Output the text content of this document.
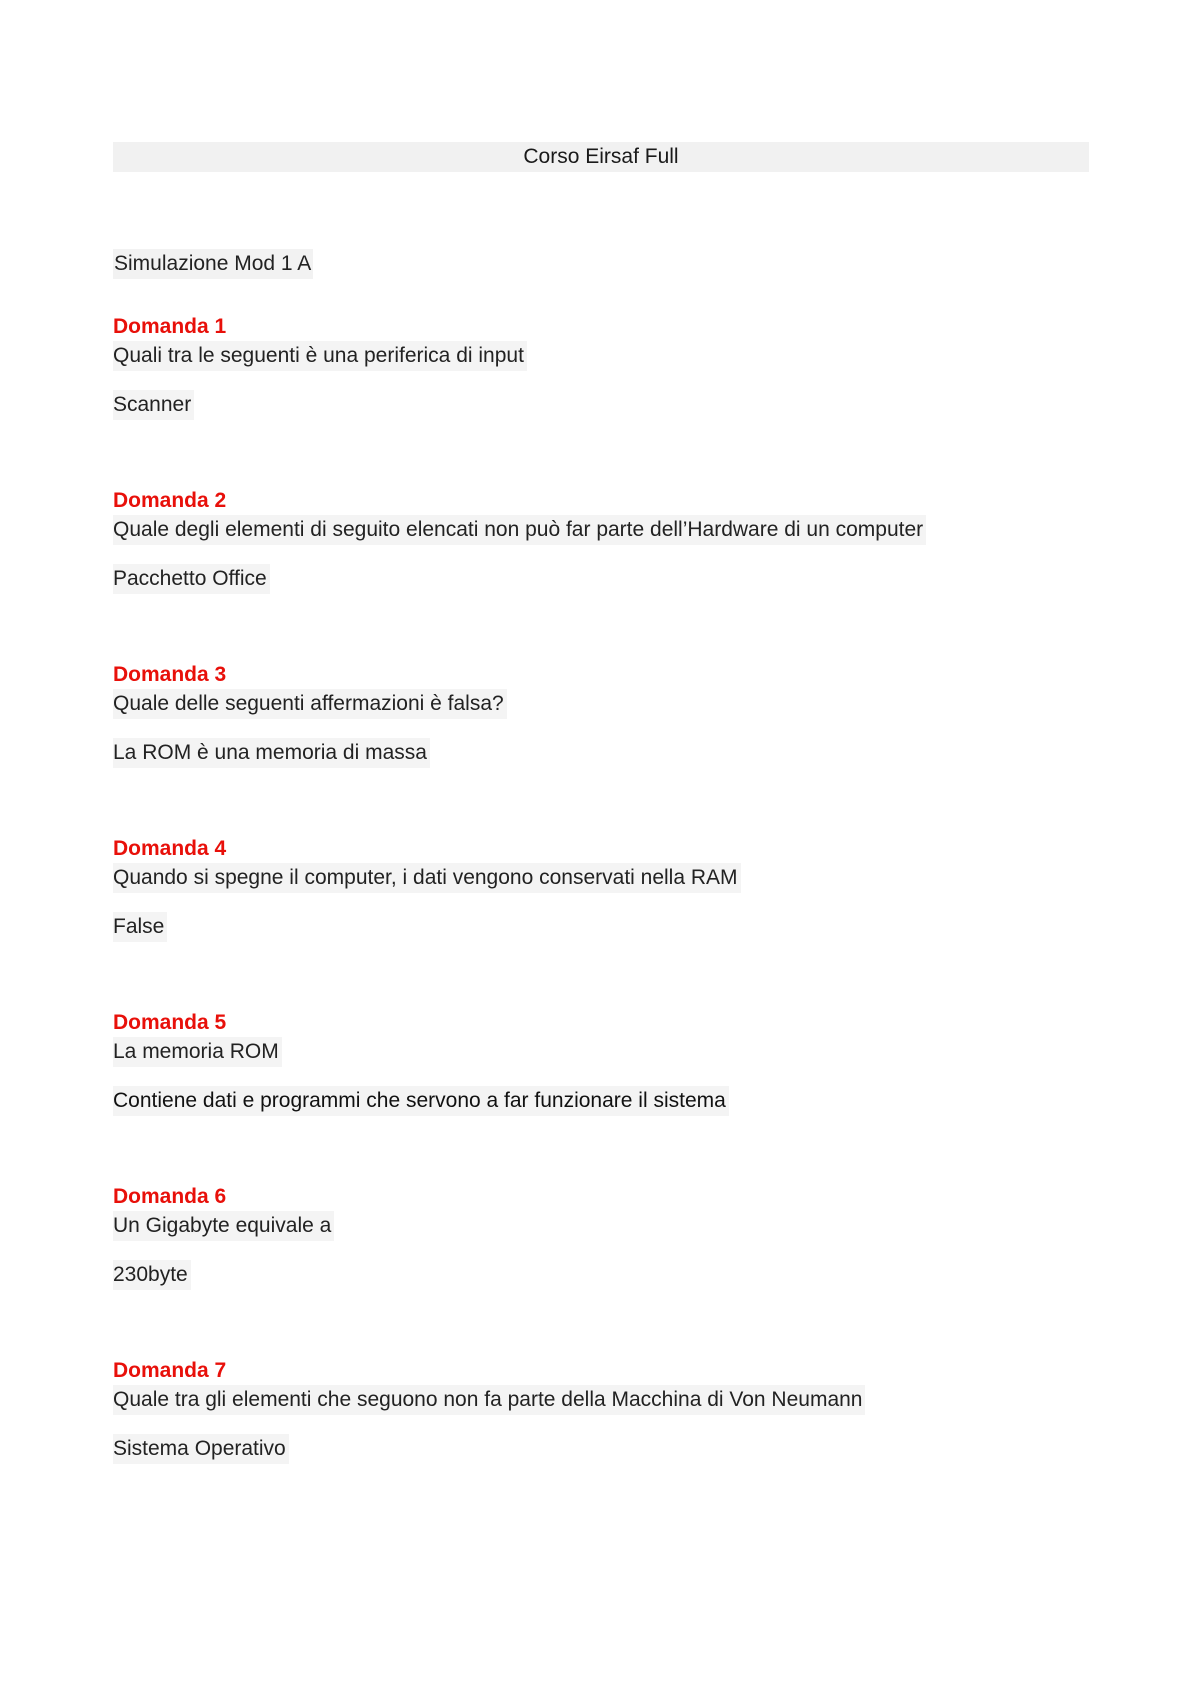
Corso Eirsaf Full
Simulazione Mod 1 A
Domanda 1
Quali tra le seguenti è una periferica di input
Scanner
Domanda 2
Quale degli elementi di seguito elencati non può far parte dell’Hardware di un computer
Pacchetto Office
Domanda 3
Quale delle seguenti affermazioni è falsa?
La ROM è una memoria di massa
Domanda 4
Quando si spegne il computer, i dati vengono conservati nella RAM
False
Domanda 5
La memoria ROM
Contiene dati e programmi che servono a far funzionare il sistema
Domanda 6
Un Gigabyte equivale a
230byte
Domanda 7
Quale tra gli elementi che seguono non fa parte della Macchina di Von Neumann
Sistema Operativo
